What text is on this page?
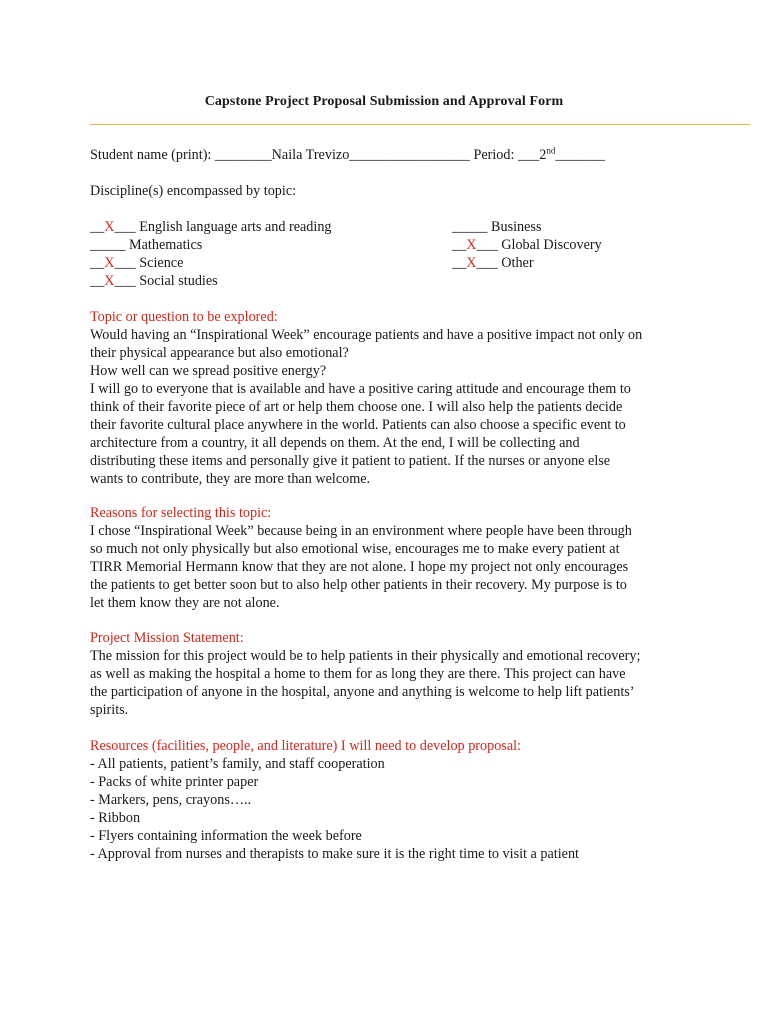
Capstone Project Proposal Submission and Approval Form
Student name (print): ________Naila Trevizo_________________ Period: ___2nd_______
Discipline(s) encompassed by topic:
__X___ English language arts and reading
_____ Mathematics
__X___ Science
__X___ Social studies
_____ Business
__X___ Global Discovery
__X___ Other

Topic or question to be explored:

Would having an “Inspirational Week” encourage patients and have a positive impact not only on

their physical appearance but also emotional?

How well can we spread positive energy?

I will go to everyone that is available and have a positive caring attitude and encourage them to

think of their favorite piece of art or help them choose one. I will also help the patients decide

their favorite cultural place anywhere in the world. Patients can also choose a specific event to

architecture from a country, it all depends on them. At the end, I will be collecting and

distributing these items and personally give it patient to patient. If the nurses or anyone else

wants to contribute, they are more than welcome.

Reasons for selecting this topic:

I chose “Inspirational Week” because being in an environment where people have been through

so much not only physically but also emotional wise, encourages me to make every patient at

TIRR Memorial Hermann know that they are not alone. I hope my project not only encourages

the patients to get better soon but to also help other patients in their recovery. My purpose is to

let them know they are not alone.

Project Mission Statement:

The mission for this project would be to help patients in their physically and emotional recovery;

as well as making the hospital a home to them for as long they are there. This project can have

the participation of anyone in the hospital, anyone and anything is welcome to help lift patients’

spirits.

Resources (facilities, people, and literature) I will need to develop proposal:

- All patients, patient’s family, and staff cooperation

- Packs of white printer paper

- Markers, pens, crayons…..

- Ribbon

- Flyers containing information the week before

- Approval from nurses and therapists to make sure it is the right time to visit a patient
